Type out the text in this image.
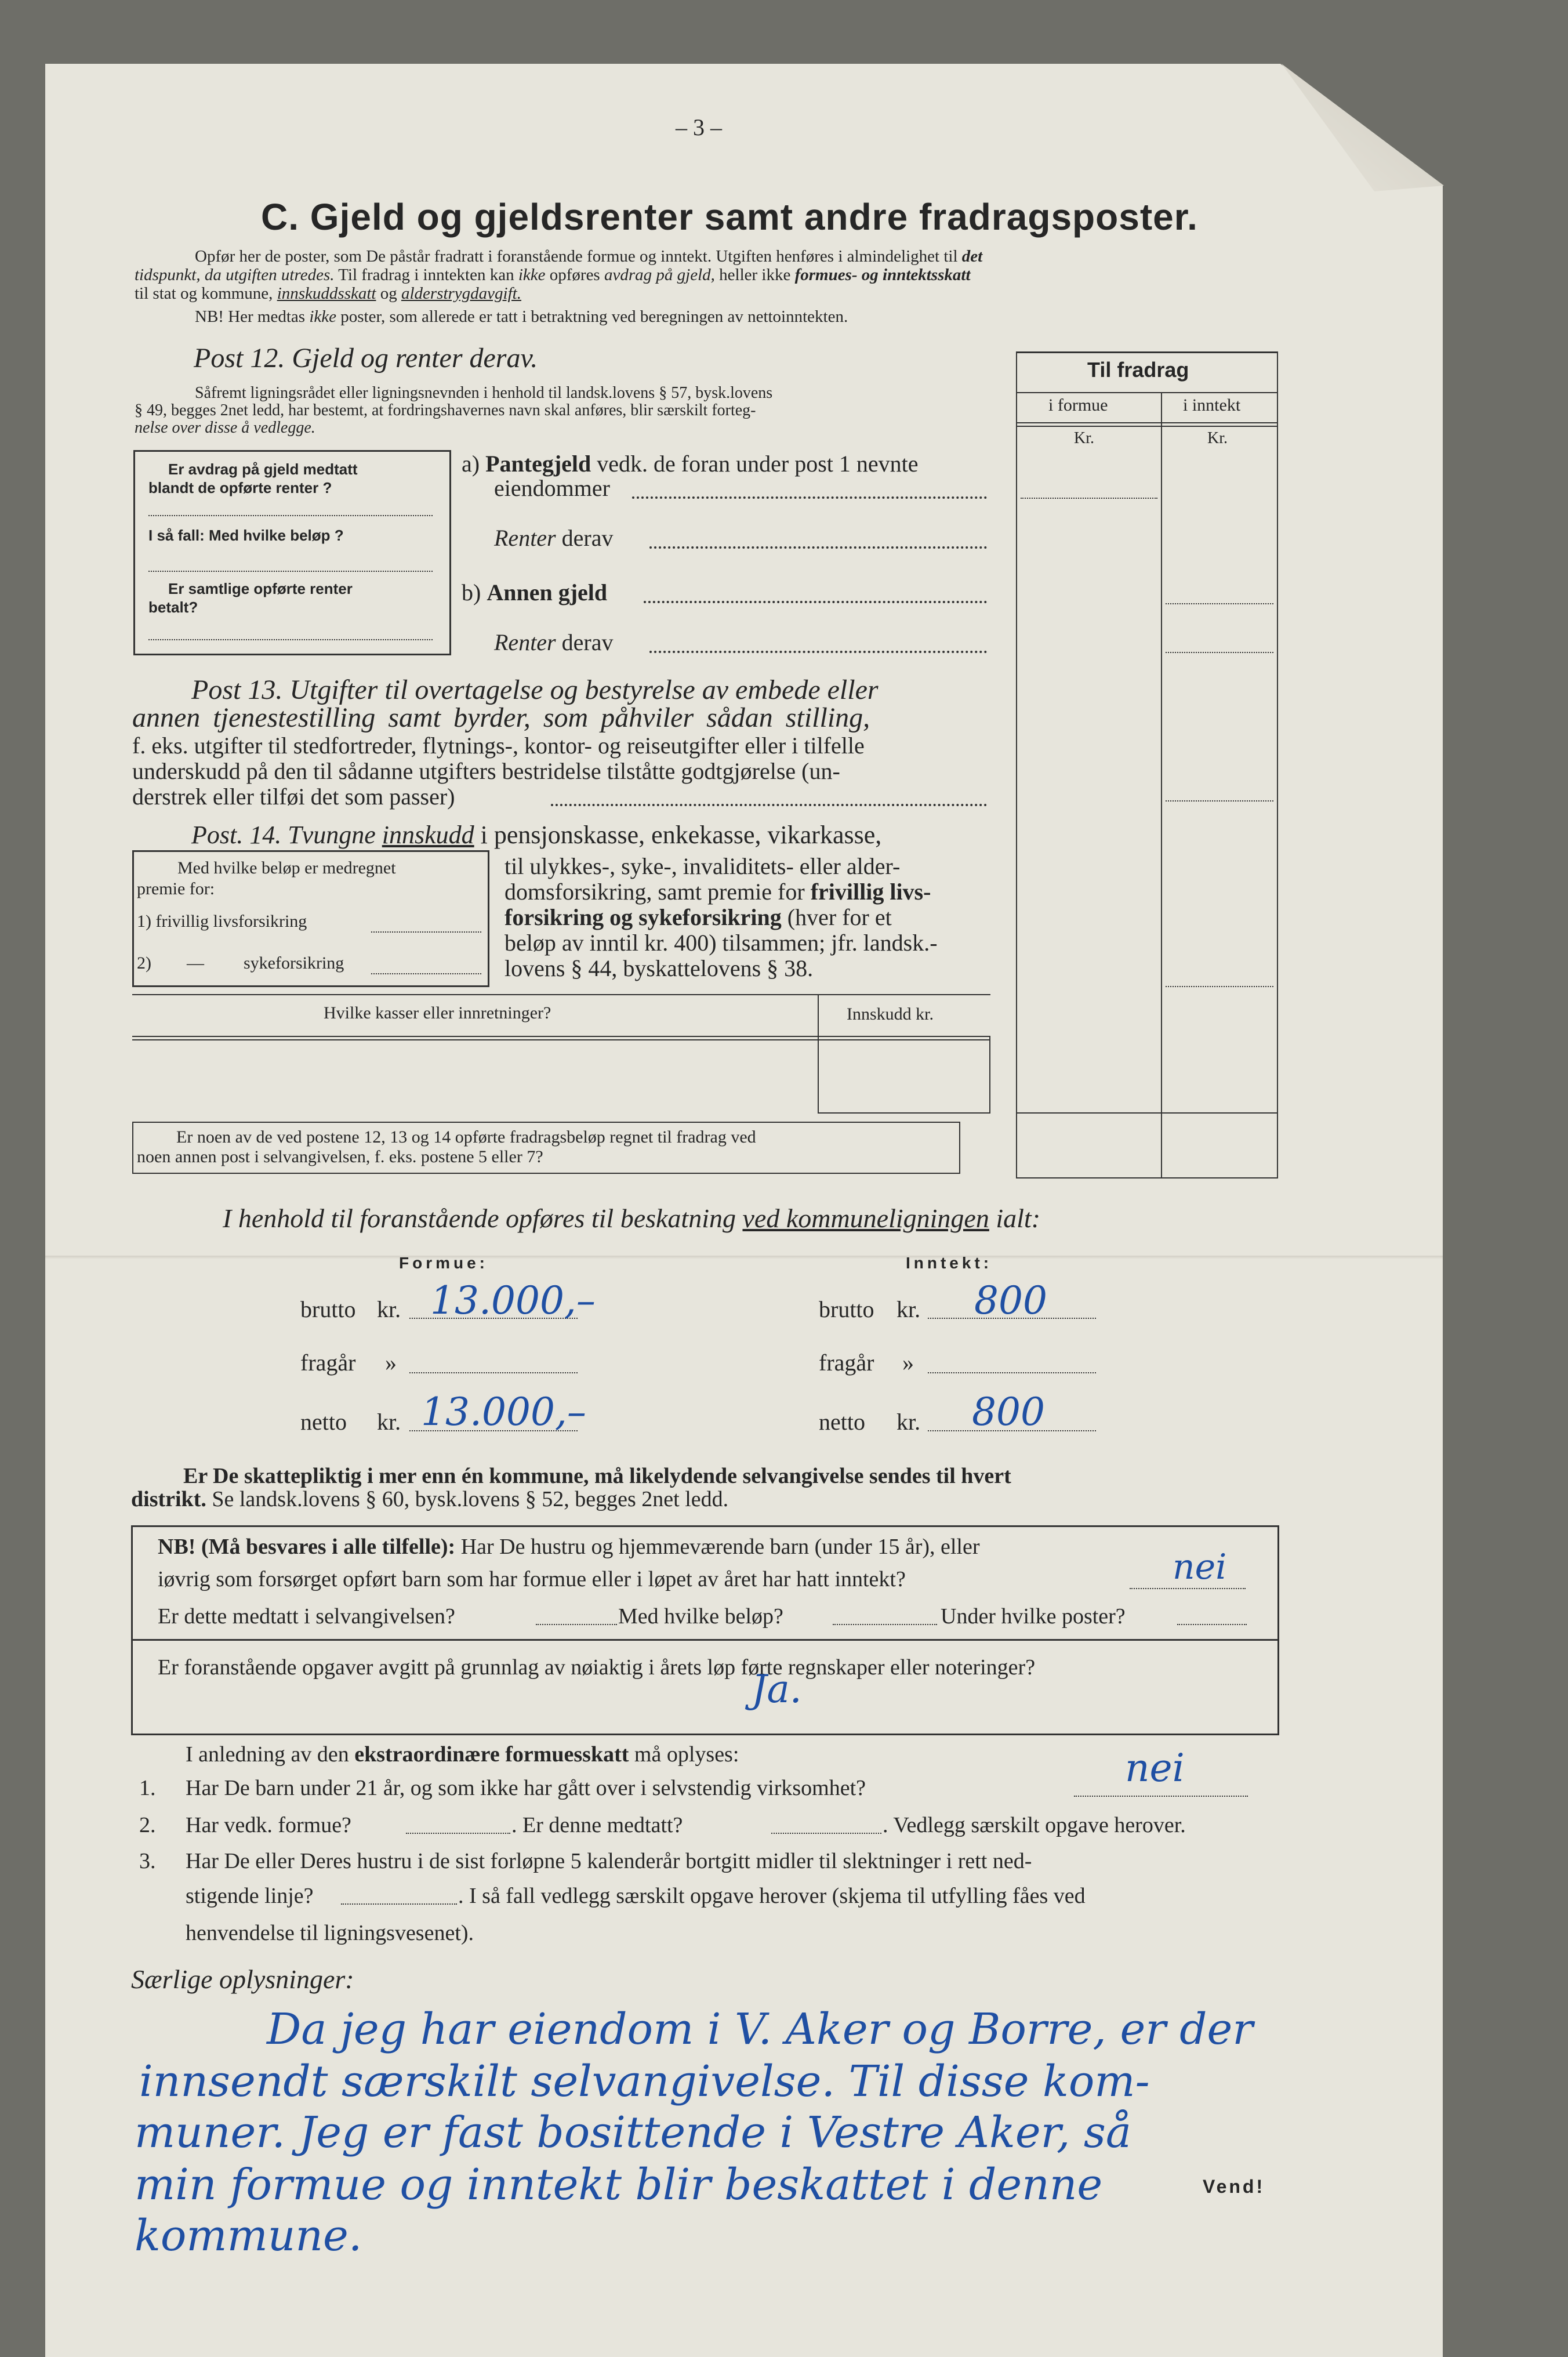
– 3 –
C. Gjeld og gjeldsrenter samt andre fradragsposter.
Opfør her de poster, som De påstår fradratt i foranstående formue og inntekt. Utgiften henføres i almindelighet til det
tidspunkt, da utgiften utredes. Til fradrag i inntekten kan ikke opføres avdrag på gjeld, heller ikke formues- og inntektsskatt
til stat og kommune, innskuddsskatt og alderstrygdavgift.
NB! Her medtas ikke poster, som allerede er tatt i betraktning ved beregningen av nettoinntekten.
Til fradrag
i formue	i inntekt
Kr.	Kr.
Post 12. Gjeld og renter derav.
Såfremt ligningsrådet eller ligningsnevnden i henhold til landsk.lovens § 57, bysk.lovens
§ 49, begges 2net ledd, har bestemt, at fordringshavernes navn skal anføres, blir særskilt forteg-
nelse over disse å vedlegge.
Er avdrag på gjeld medtatt
blandt de opførte renter ?
I så fall: Med hvilke beløp ?
Er samtlige opførte renter
betalt?
a) Pantegjeld vedk. de foran under post 1 nevnte
eiendommer
Renter derav
b) Annen gjeld
Renter derav
Post 13. Utgifter til overtagelse og bestyrelse av embede eller
annen tjenestestilling samt byrder, som påhviler sådan stilling,
f. eks. utgifter til stedfortreder, flytnings-, kontor- og reiseutgifter eller i tilfelle
underskudd på den til sådanne utgifters bestridelse tilståtte godtgjørelse (un-
derstrek eller tilføi det som passer)
Post. 14. Tvungne innskudd i pensjonskasse, enkekasse, vikarkasse,
til ulykkes-, syke-, invaliditets- eller alder-
domsforsikring, samt premie for frivillig livs-
forsikring og sykeforsikring (hver for et
beløp av inntil kr. 400) tilsammen; jfr. landsk.-
lovens § 44, byskattelovens § 38.
Med hvilke beløp er medregnet
premie for:
1) frivillig livsforsikring
2) — sykeforsikring
Hvilke kasser eller innretninger?	Innskudd kr.
Er noen av de ved postene 12, 13 og 14 opførte fradragsbeløp regnet til fradrag ved
noen annen post i selvangivelsen, f. eks. postene 5 eller 7?
I henhold til foranstående opføres til beskatning ved kommuneligningen ialt:
Formue:	Inntekt:
brutto kr. 13.000,–
fragår »
netto kr. 13.000,–
brutto kr. 800
fragår »
netto kr. 800
Er De skattepliktig i mer enn én kommune, må likelydende selvangivelse sendes til hvert
distrikt. Se landsk.lovens § 60, bysk.lovens § 52, begges 2net ledd.
NB! (Må besvares i alle tilfelle): Har De hustru og hjemmeværende barn (under 15 år), eller
iøvrig som forsørget opført barn som har formue eller i løpet av året har hatt inntekt?	nei
Er dette medtatt i selvangivelsen?	Med hvilke beløp?	Under hvilke poster?
Er foranstående opgaver avgitt på grunnlag av nøiaktig i årets løp førte regnskaper eller noteringer?
Ja.
I anledning av den ekstraordinære formuesskatt må oplyses:
1. Har De barn under 21 år, og som ikke har gått over i selvstendig virksomhet?	nei
2. Har vedk. formue?	. Er denne medtatt?	. Vedlegg særskilt opgave herover.
3. Har De eller Deres hustru i de sist forløpne 5 kalenderår bortgitt midler til slektninger i rett ned-
stigende linje?	. I så fall vedlegg særskilt opgave herover (skjema til utfylling fåes ved
henvendelse til ligningsvesenet).
Særlige oplysninger:
Da jeg har eiendom i V. Aker og Borre, er der
innsendt særskilt selvangivelse. Til disse kom-
muner. Jeg er fast bosittende i Vestre Aker, så
min formue og inntekt blir beskattet i denne
kommune.
Vend!
